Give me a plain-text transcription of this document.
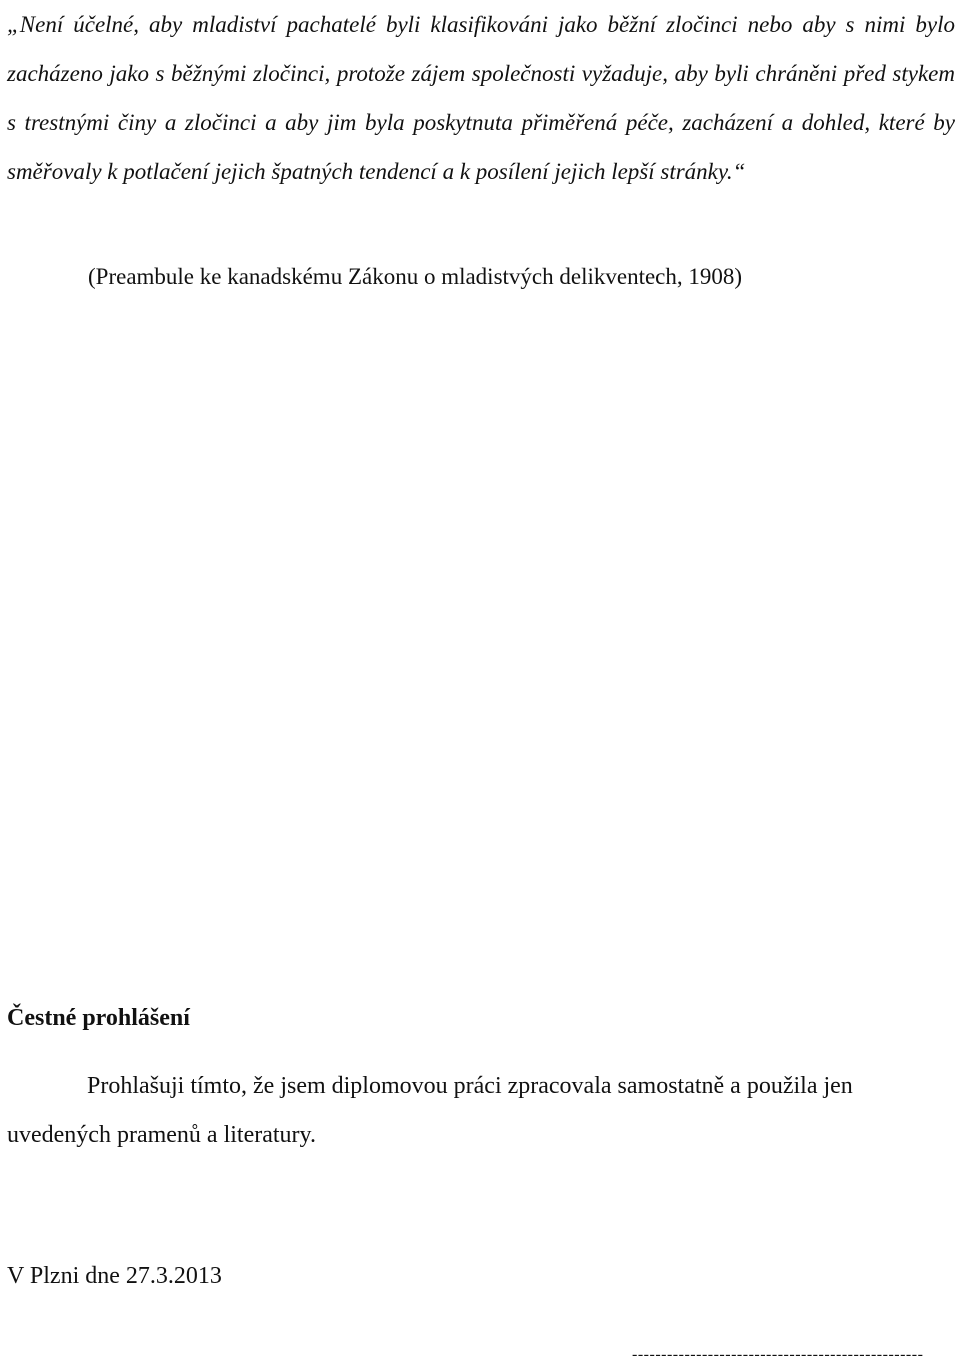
„Není účelné, aby mladiství pachatelé byli klasifikováni jako běžní zločinci nebo aby s nimi bylo zacházeno jako s běžnými zločinci, protože zájem společnosti vyžaduje, aby byli chráněni před stykem s trestnými činy a zločinci a aby jim byla poskytnuta přiměřená péče, zacházení a dohled, které by směřovaly k potlačení jejich špatných tendencí a k posílení jejich lepší stránky.“

(Preambule ke kanadskému Zákonu o mladistvých delikventech, 1908)

Čestné prohlášení

Prohlašuji tímto, že jsem diplomovou práci zpracovala samostatně a použila jen uvedených pramenů a literatury.

V Plzni dne 27.3.2013

--------------------------------------------------
